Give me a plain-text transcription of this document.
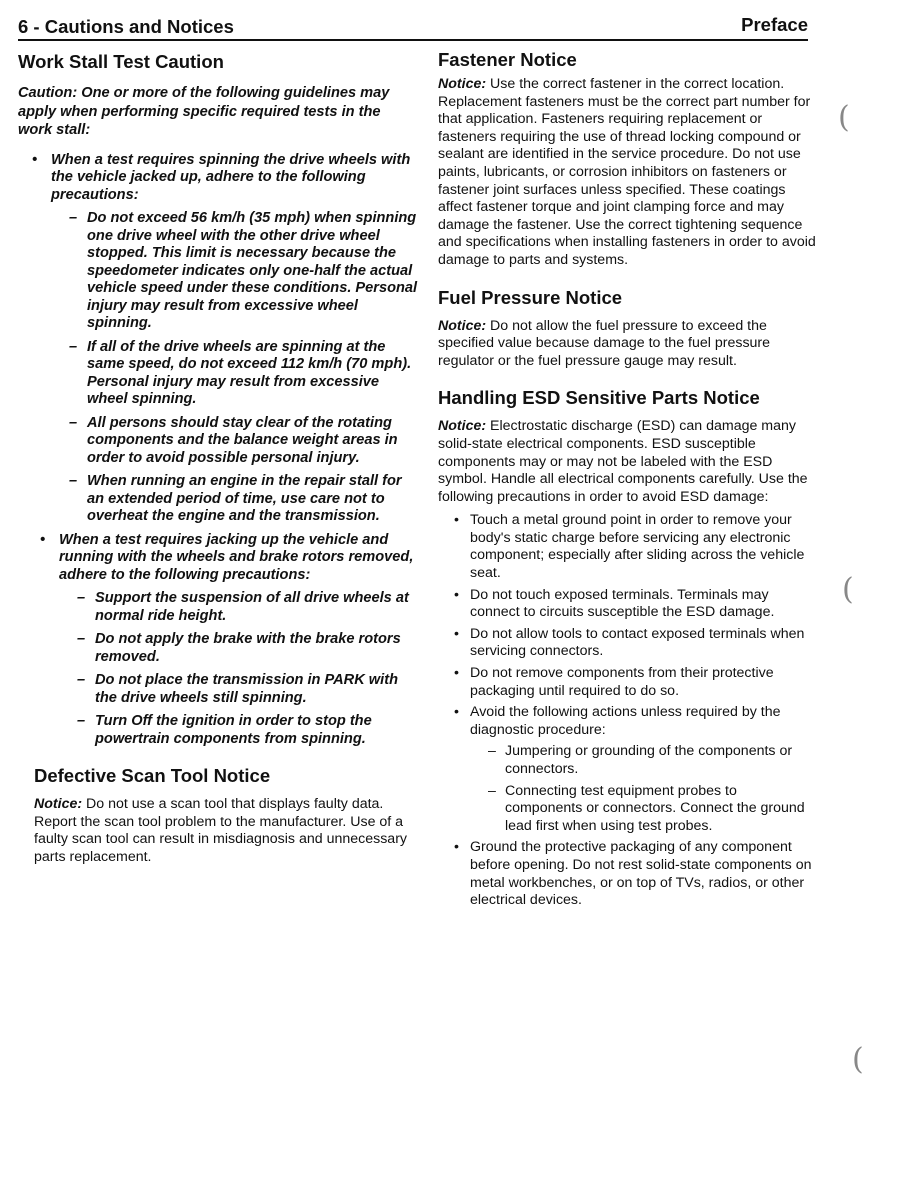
6 - Cautions and Notices	Preface
Work Stall Test Caution

Caution: One or more of the following guidelines may apply when performing specific required tests in the work stall:

• When a test requires spinning the drive wheels with the vehicle jacked up, adhere to the following precautions:
– Do not exceed 56 km/h (35 mph) when spinning one drive wheel with the other drive wheel stopped. This limit is necessary because the speedometer indicates only one-half the actual vehicle speed under these conditions. Personal injury may result from excessive wheel spinning.
– If all of the drive wheels are spinning at the same speed, do not exceed 112 km/h (70 mph). Personal injury may result from excessive wheel spinning.
– All persons should stay clear of the rotating components and the balance weight areas in order to avoid possible personal injury.
– When running an engine in the repair stall for an extended period of time, use care not to overheat the engine and the transmission.
• When a test requires jacking up the vehicle and running with the wheels and brake rotors removed, adhere to the following precautions:
– Support the suspension of all drive wheels at normal ride height.
– Do not apply the brake with the brake rotors removed.
– Do not place the transmission in PARK with the drive wheels still spinning.
– Turn Off the ignition in order to stop the powertrain components from spinning.
Defective Scan Tool Notice

Notice: Do not use a scan tool that displays faulty data. Report the scan tool problem to the manufacturer. Use of a faulty scan tool can result in misdiagnosis and unnecessary parts replacement.

Fastener Notice

Notice: Use the correct fastener in the correct location. Replacement fasteners must be the correct part number for that application. Fasteners requiring replacement or fasteners requiring the use of thread locking compound or sealant are identified in the service procedure. Do not use paints, lubricants, or corrosion inhibitors on fasteners or fastener joint surfaces unless specified. These coatings affect fastener torque and joint clamping force and may damage the fastener. Use the correct tightening sequence and specifications when installing fasteners in order to avoid damage to parts and systems.

Fuel Pressure Notice

Notice: Do not allow the fuel pressure to exceed the specified value because damage to the fuel pressure regulator or the fuel pressure gauge may result.

Handling ESD Sensitive Parts Notice

Notice: Electrostatic discharge (ESD) can damage many solid-state electrical components. ESD susceptible components may or may not be labeled with the ESD symbol. Handle all electrical components carefully. Use the following precautions in order to avoid ESD damage:

• Touch a metal ground point in order to remove your body's static charge before servicing any electronic component; especially after sliding across the vehicle seat.
• Do not touch exposed terminals. Terminals may connect to circuits susceptible the ESD damage.
• Do not allow tools to contact exposed terminals when servicing connectors.
• Do not remove components from their protective packaging until required to do so.
• Avoid the following actions unless required by the diagnostic procedure:
– Jumpering or grounding of the components or connectors.
– Connecting test equipment probes to components or connectors. Connect the ground lead first when using test probes.
• Ground the protective packaging of any component before opening. Do not rest solid-state components on metal workbenches, or on top of TVs, radios, or other electrical devices.
(
(
(
